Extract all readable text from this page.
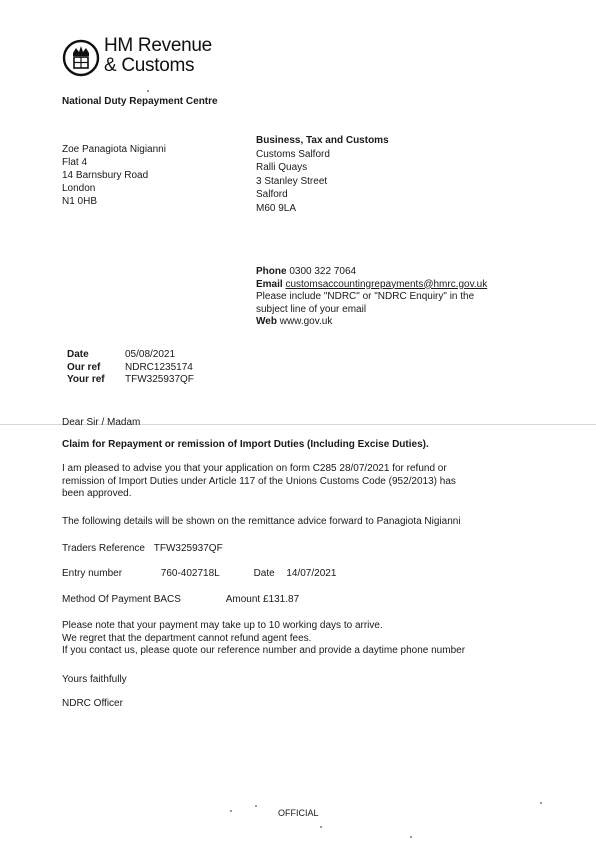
HM Revenue
& Customs
National Duty Repayment Centre
Zoe Panagiota Nigianni
Flat 4
14 Barnsbury Road
London
N1 0HB
Business, Tax and Customs
Customs Salford
Ralli Quays
3 Stanley Street
Salford
M60 9LA
Phone 0300 322 7064
Email customsaccountingrepayments@hmrc.gov.uk
Please include "NDRC" or "NDRC Enquiry" in the
subject line of your email
Web www.gov.uk
Date	05/08/2021
Our ref	NDRC1235174
Your ref	TFW325937QF
Dear Sir / Madam
Claim for Repayment or remission of Import Duties (Including Excise Duties).
I am pleased to advise you that your application on form C285 28/07/2021 for refund or
remission of Import Duties under Article 117 of the Unions Customs Code (952/2013) has
been approved.
The following details will be shown on the remittance advice forward to Panagiota Nigianni
Traders Reference TFW325937QF
Entry number	760-402718L	Date 14/07/2021
Method Of Payment BACS	Amount £131.87
Please note that your payment may take up to 10 working days to arrive.
We regret that the department cannot refund agent fees.
If you contact us, please quote our reference number and provide a daytime phone number
Yours faithfully
NDRC Officer
OFFICIAL
